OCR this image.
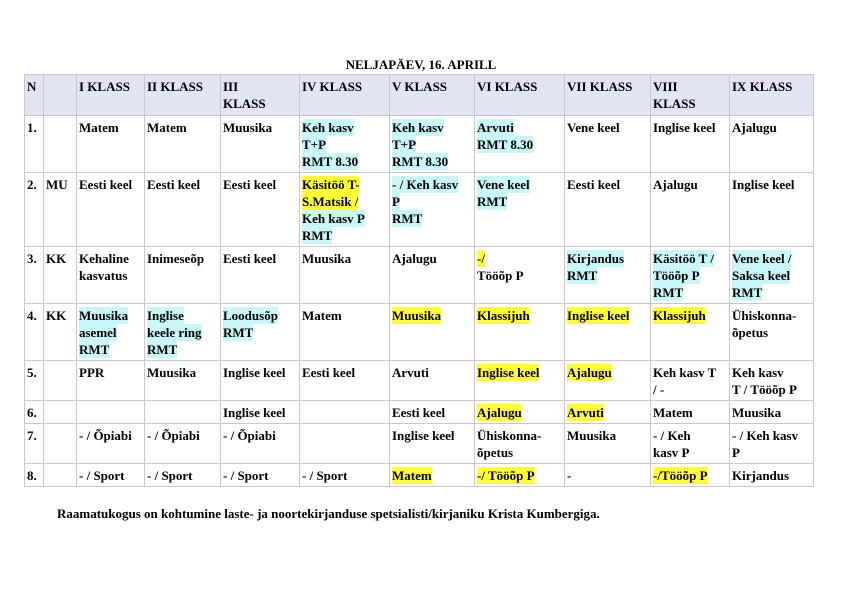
NELJAPÄEV, 16. APRILL
N		I KLASS	II KLASS	III
KLASS	IV KLASS	V KLASS	VI KLASS	VII KLASS	VIII
KLASS	IX KLASS

1.		Matem	Matem	Muusika	Keh kasv
T+P
RMT 8.30	Keh kasv
T+P
RMT 8.30	Arvuti
RMT 8.30	Vene keel	Inglise keel	Ajalugu

2.	MU	Eesti keel	Eesti keel	Eesti keel	Käsitöö T-
S.Matsik /
Keh kasv P
RMT	- / Keh kasv
P
RMT	Vene keel
RMT	Eesti keel	Ajalugu	Inglise keel

3.	KK	Kehaline
kasvatus	Inimeseõp	Eesti keel	Muusika	Ajalugu	-/
Tööõp P	Kirjandus
RMT	Käsitöö T /
Tööõp P
RMT	Vene keel /
Saksa keel
RMT

4.	KK	Muusika
asemel
RMT	Inglise
keele ring
RMT	Loodusõp
RMT	Matem	Muusika	Klassijuh	Inglise keel	Klassijuh	Ühiskonna-
õpetus

5.		PPR	Muusika	Inglise keel	Eesti keel	Arvuti	Inglise keel	Ajalugu	Keh kasv T
/ -	Keh kasv
T / Tööõp P

6.				Inglise keel		Eesti keel	Ajalugu	Arvuti	Matem	Muusika

7.		- / Õpiabi	- / Õpiabi	- / Õpiabi		Inglise keel	Ühiskonna-
õpetus	Muusika	- / Keh
kasv P	- / Keh kasv
P

8.		- / Sport	- / Sport	- / Sport	- / Sport	Matem	-/ Tööõp P	-	-/Tööõp P	Kirjandus
Raamatukogus on kohtumine laste- ja noortekirjanduse spetsialisti/kirjaniku Krista Kumbergiga.
